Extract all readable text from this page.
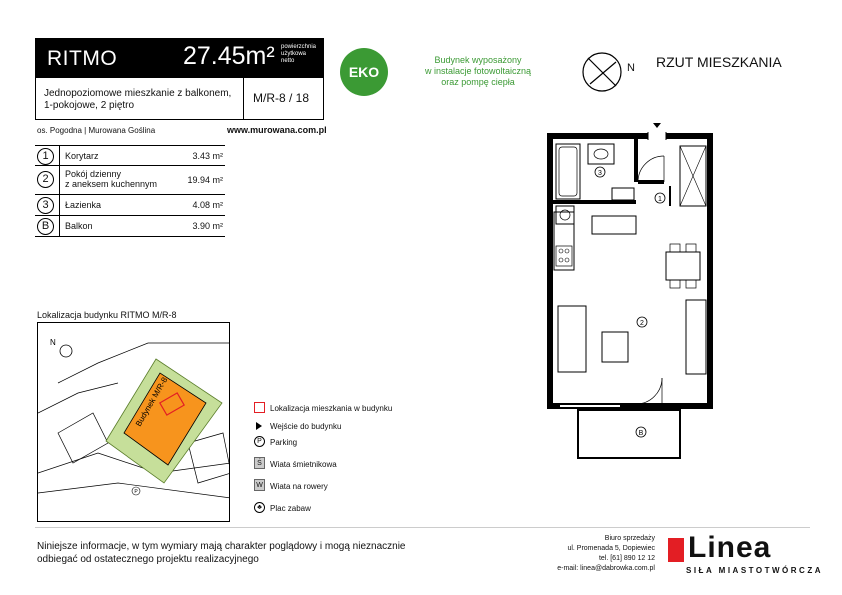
RITMO	27.45m² powierzchnia
użytkowa
netto
Jednopoziomowe mieszkanie z balkonem,
1-pokojowe, 2 piętro
M/R-8 / 18
os. Pogodna | Murowana Goślina	www.murowana.com.pl
1	Korytarz	3.43 m²
2	Pokój dzienny
z aneksem kuchennym	19.94 m²
3	Łazienka	4.08 m²
B	Balkon	3.90 m²
EKO
Budynek wyposażony
w instalacje fotowoltaiczną
oraz pompę ciepła
N RZUT MIESZKANIA
3
1
2
B
Lokalizacja budynku RITMO M/R-8
Budynek M/R-8
N
P
Lokalizacja mieszkania w budynku
Wejście do budynku
P	Parking
Ś	Wiata śmietnikowa
W Wiata na rowery
♣	Plac zabaw
Niniejsze informacje, w tym wymiary mają charakter poglądowy i mogą nieznacznie
odbiegać od ostatecznego projektu realizacyjnego
Biuro sprzedaży
ul. Promenada 5, Dopiewiec
tel. [61] 890 12 12
e-mail: linea@dabrowka.com.pl
Linea
SIŁA MIASTOTWÓRCZA
